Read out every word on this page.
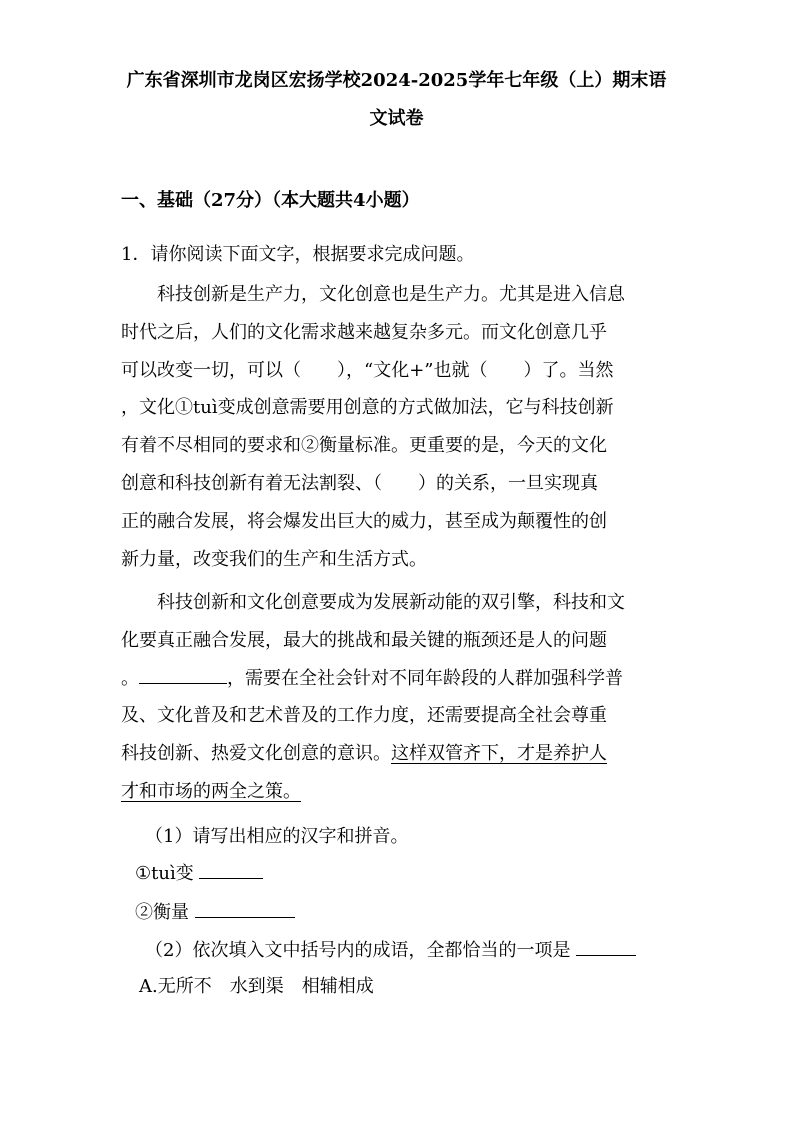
广东省深圳市龙岗区宏扬学校2024-2025学年七年级（上）期末语
文试卷
一、基础（27分）（本大题共4小题）
1．请你阅读下面文字，根据要求完成问题。
　　科技创新是生产力，文化创意也是生产力。尤其是进入信息
时代之后，人们的文化需求越来越复杂多元。而文化创意几乎
可以改变一切，可以（　　），“文化+”也就（　　）了。当然
，文化①tuì变成创意需要用创意的方式做加法，它与科技创新
有着不尽相同的要求和②衡量标准。更重要的是，今天的文化
创意和科技创新有着无法割裂、（　　）的关系，一旦实现真
正的融合发展，将会爆发出巨大的威力，甚至成为颠覆性的创
新力量，改变我们的生产和生活方式。
　　科技创新和文化创意要成为发展新动能的双引擎，科技和文
化要真正融合发展，最大的挑战和最关键的瓶颈还是人的问题
。	，需要在全社会针对不同年龄段的人群加强科学普
及、文化普及和艺术普及的工作力度，还需要提高全社会尊重
科技创新、热爱文化创意的意识。这样双管齐下，才是养护人
才和市场的两全之策。
（1）请写出相应的汉字和拼音。
①tuì变
②衡量
（2）依次填入文中括号内的成语，全都恰当的一项是
A.无所不　水到渠　相辅相成
